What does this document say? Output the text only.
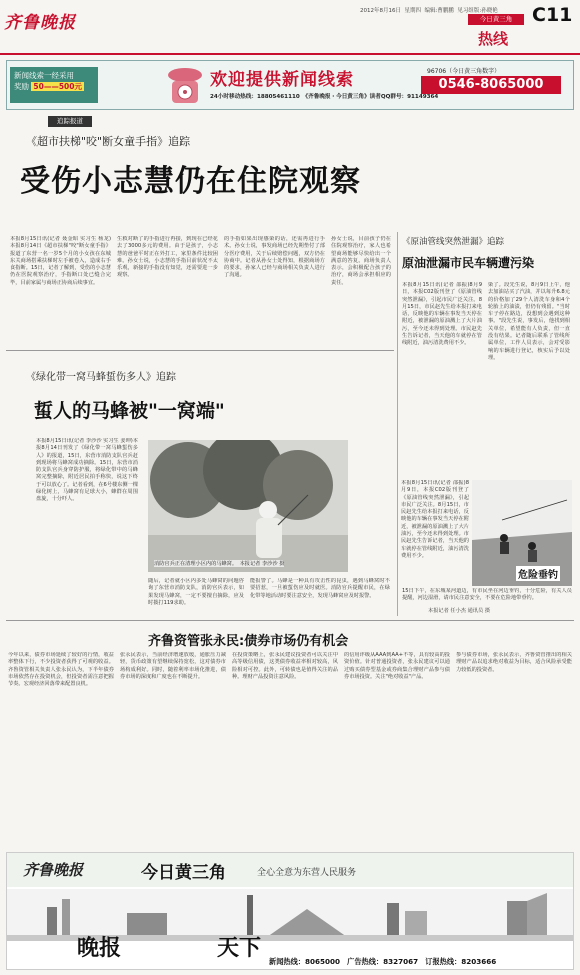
齐鲁晚报
2012年8月16日 星期四 编辑:曹鹏鹏 见习组版:孙晓艳
今日黄三角
热线
C11
新闻线索一经采用
奖励 50——500元	欢迎提供新闻线索
24小时移动热线：18805461110　《齐鲁晚报・今日黄三角》读者QQ群号：91149364
96706（今日黄三角数字）
0546-8065000
追踪报道
《超市扶梯"咬"断女童手指》追踪
受伤小志慧仍在住院观察
本报8月15日讯(记者 聂金昭 实习生 杨龙)本报8月14日《超市扶梯"咬"断女童手指》报道了东营一名一岁5个月的小女孩在东城东关商场搭乘扶梯时左手被卷入，造成右手食指断。15日，记者了解到，受伤的小志慧仍在医院观察治疗，手指断口处已缝合完毕，目前家属与商场正协商后续事宜。
生救对断了的手指进行再接，到现在已经花去了3000多元的费用。由于是孩子，小志慧的爸爸平时正在外打工，家里条件比较困难。孙女士说，小志慧的手指目前状况不太乐观，新接的手指没有知觉，还需要进一步观察。
的手指如果出现感染的话，还需再进行手术。孙女士说，事发商场已经先期垫付了部分医疗费用，关于后续赔偿问题，双方仍在协商中。记者从孙女士处得知，根据商场方的要求，孙家人已经与商场相关负责人进行了沟通。
孙女士说，目前孩子仍在住院观察治疗，家人也希望商场能够尽快给出一个满意的答复。商场负责人表示，会积极配合孩子的治疗，商场会承担相应的责任。
《原油管线突然泄漏》追踪
原油泄漏市民车辆遭污染
本报8月15日讯(记者 邵振)8月9日，本报C02版刊登了《原油管线突然泄漏》，引起市民广泛关注。8月15日，市民赵先生给本报打来电话，反映他的车辆在事发当天停在附近，被泄漏的原油溅上了大片油污，至今还未得到处理。市民赵先生告诉记者，当天他的车就停在管线附近，油污清洗费用不少。
染了。段先生说，8月9日上午，他去加油站买了汽油，并以每升6.8元的价格加了29个人清洗车身和4个轮胎上的油渍，但仍有残留。"当时车子停在路边，没想到会遇到这种事。"段先生说，事发后，他找到相关单位，希望能有人负责，但一直没有结果。记者随后联系了管线所属单位，工作人员表示，会对受影响的车辆进行登记，核实后予以处理。
危险垂钓
15日下午，在东城某河道边，有市民坐在河边垂钓，十分危险，有关人员提醒，河边湿滑，请市民注意安全，不要在危险地带垂钓。
本报记者 任小杰 通讯员 摄
本报8月15日讯(记者 邵振)8月9日，本报C02版刊登了《原油管线突然泄漏》，引起市民广泛关注。8月15日，市民赵先生给本报打来电话，反映他的车辆在事发当天停在附近，被泄漏的原油溅上了大片油污，至今还未得到处理。市民赵先生告诉记者，当天他的车就停在管线附近，油污清洗费用不少。
《绿化带一窝马蜂蜇伤多人》追踪
蜇人的马蜂被"一窝端"
本报8月15日讯(记者 李沙沙 实习生 姜坤)本报8月14日刊发了《绿化带一窝马蜂蜇伤多人》的报道，15日，东营市消防支队官兵赶到现场将马蜂窝成功摘除。15日，东营市消防支队官兵身穿防护服，将绿化带中的马蜂窝完整摘除，附近居民拍手称快，说这下终于可以放心了。记者看到，在6号楼东侧一棵绿化树上，马蜂窝有足球大小，蜂群在周围盘旋，十分吓人。
消防官兵正在清理小区内的马蜂窝。　本报记者 李沙沙 摄
随后，记者就小区内多处马蜂窝的问题咨询了东营市消防支队，消防官兵表示，如果发现马蜂窝，一定不要擅自摘除，应及时拨打119求助。
能报警了。马蜂是一种具有攻击性的昆虫，遇到马蜂窝时不要招惹，一旦被蜇伤应及时就医。消防官兵提醒市民，在绿化带等地活动时要注意安全，发现马蜂窝应及时报警。
齐鲁资管张永民:债券市场仍有机会
今年以来，债券市场延续了较好的行情，收益率整体下行，不少投资者获得了可观的收益。齐鲁资管相关负责人张永民认为，下半年债券市场依然存在投资机会，但投资者需注意把握节奏。宏观经济回落带来配置良机。
张永民表示，当前经济增速放缓，通胀压力减轻，货币政策有望继续保持宽松，这对债券市场构成利好。同时，随着利率市场化推进，债券市场的深度和广度也在不断提升。
在投资策略上，张永民建议投资者可以关注中高等级信用债，这类债券收益率相对较高，风险相对可控。此外，可转债也是值得关注的品种。理财产品投资注意风险。
的信用评级从AAA到AA+不等，具有较高的投资价值。针对普通投资者，张永民建议可以通过购买债券型基金或券商集合理财产品参与债券市场投资。关注"绝对收益"产品。
参与债券市场，张永民表示，齐鲁资管推出的相关理财产品以追求绝对收益为目标，适合风险承受能力较低的投资者。
齐鲁晚报	今日黄三角	全心全意为东营人民服务
晚报	天下
新闻热线：8065000　广告热线：8327067　订报热线：8203666
